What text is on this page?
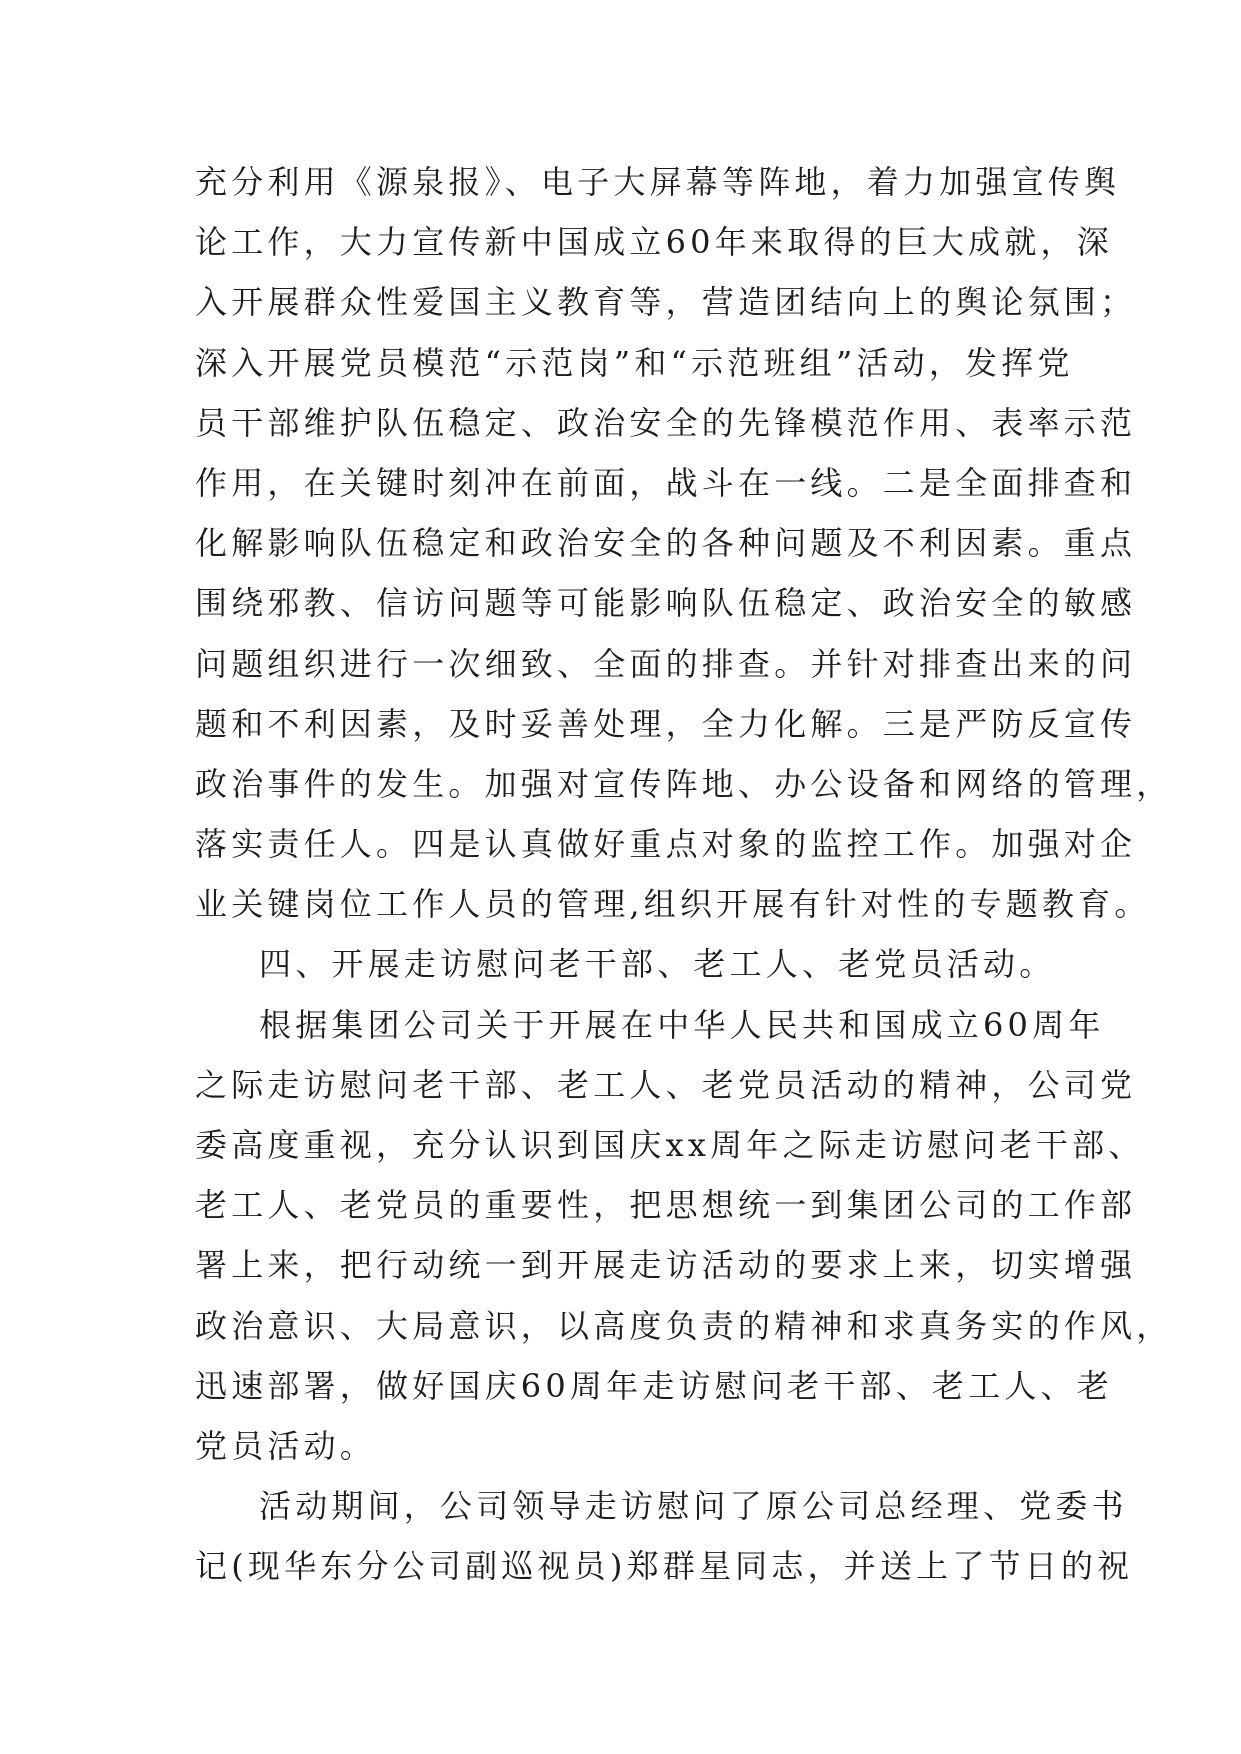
充分利用《源泉报》、电子大屏幕等阵地，着力加强宣传舆
论工作，大力宣传新中国成立60年来取得的巨大成就，深
入开展群众性爱国主义教育等，营造团结向上的舆论氛围；
深入开展党员模范“示范岗”和“示范班组”活动，发挥党
员干部维护队伍稳定、政治安全的先锋模范作用、表率示范
作用，在关键时刻冲在前面，战斗在一线。二是全面排查和
化解影响队伍稳定和政治安全的各种问题及不利因素。重点
围绕邪教、信访问题等可能影响队伍稳定、政治安全的敏感
问题组织进行一次细致、全面的排查。并针对排查出来的问
题和不利因素，及时妥善处理，全力化解。三是严防反宣传
政治事件的发生。加强对宣传阵地、办公设备和网络的管理，
落实责任人。四是认真做好重点对象的监控工作。加强对企
业关键岗位工作人员的管理,组织开展有针对性的专题教育。
四、开展走访慰问老干部、老工人、老党员活动。
根据集团公司关于开展在中华人民共和国成立60周年
之际走访慰问老干部、老工人、老党员活动的精神，公司党
委高度重视，充分认识到国庆xx周年之际走访慰问老干部、
老工人、老党员的重要性，把思想统一到集团公司的工作部
署上来，把行动统一到开展走访活动的要求上来，切实增强
政治意识、大局意识，以高度负责的精神和求真务实的作风，
迅速部署，做好国庆60周年走访慰问老干部、老工人、老
党员活动。
活动期间，公司领导走访慰问了原公司总经理、党委书
记(现华东分公司副巡视员)郑群星同志，并送上了节日的祝
